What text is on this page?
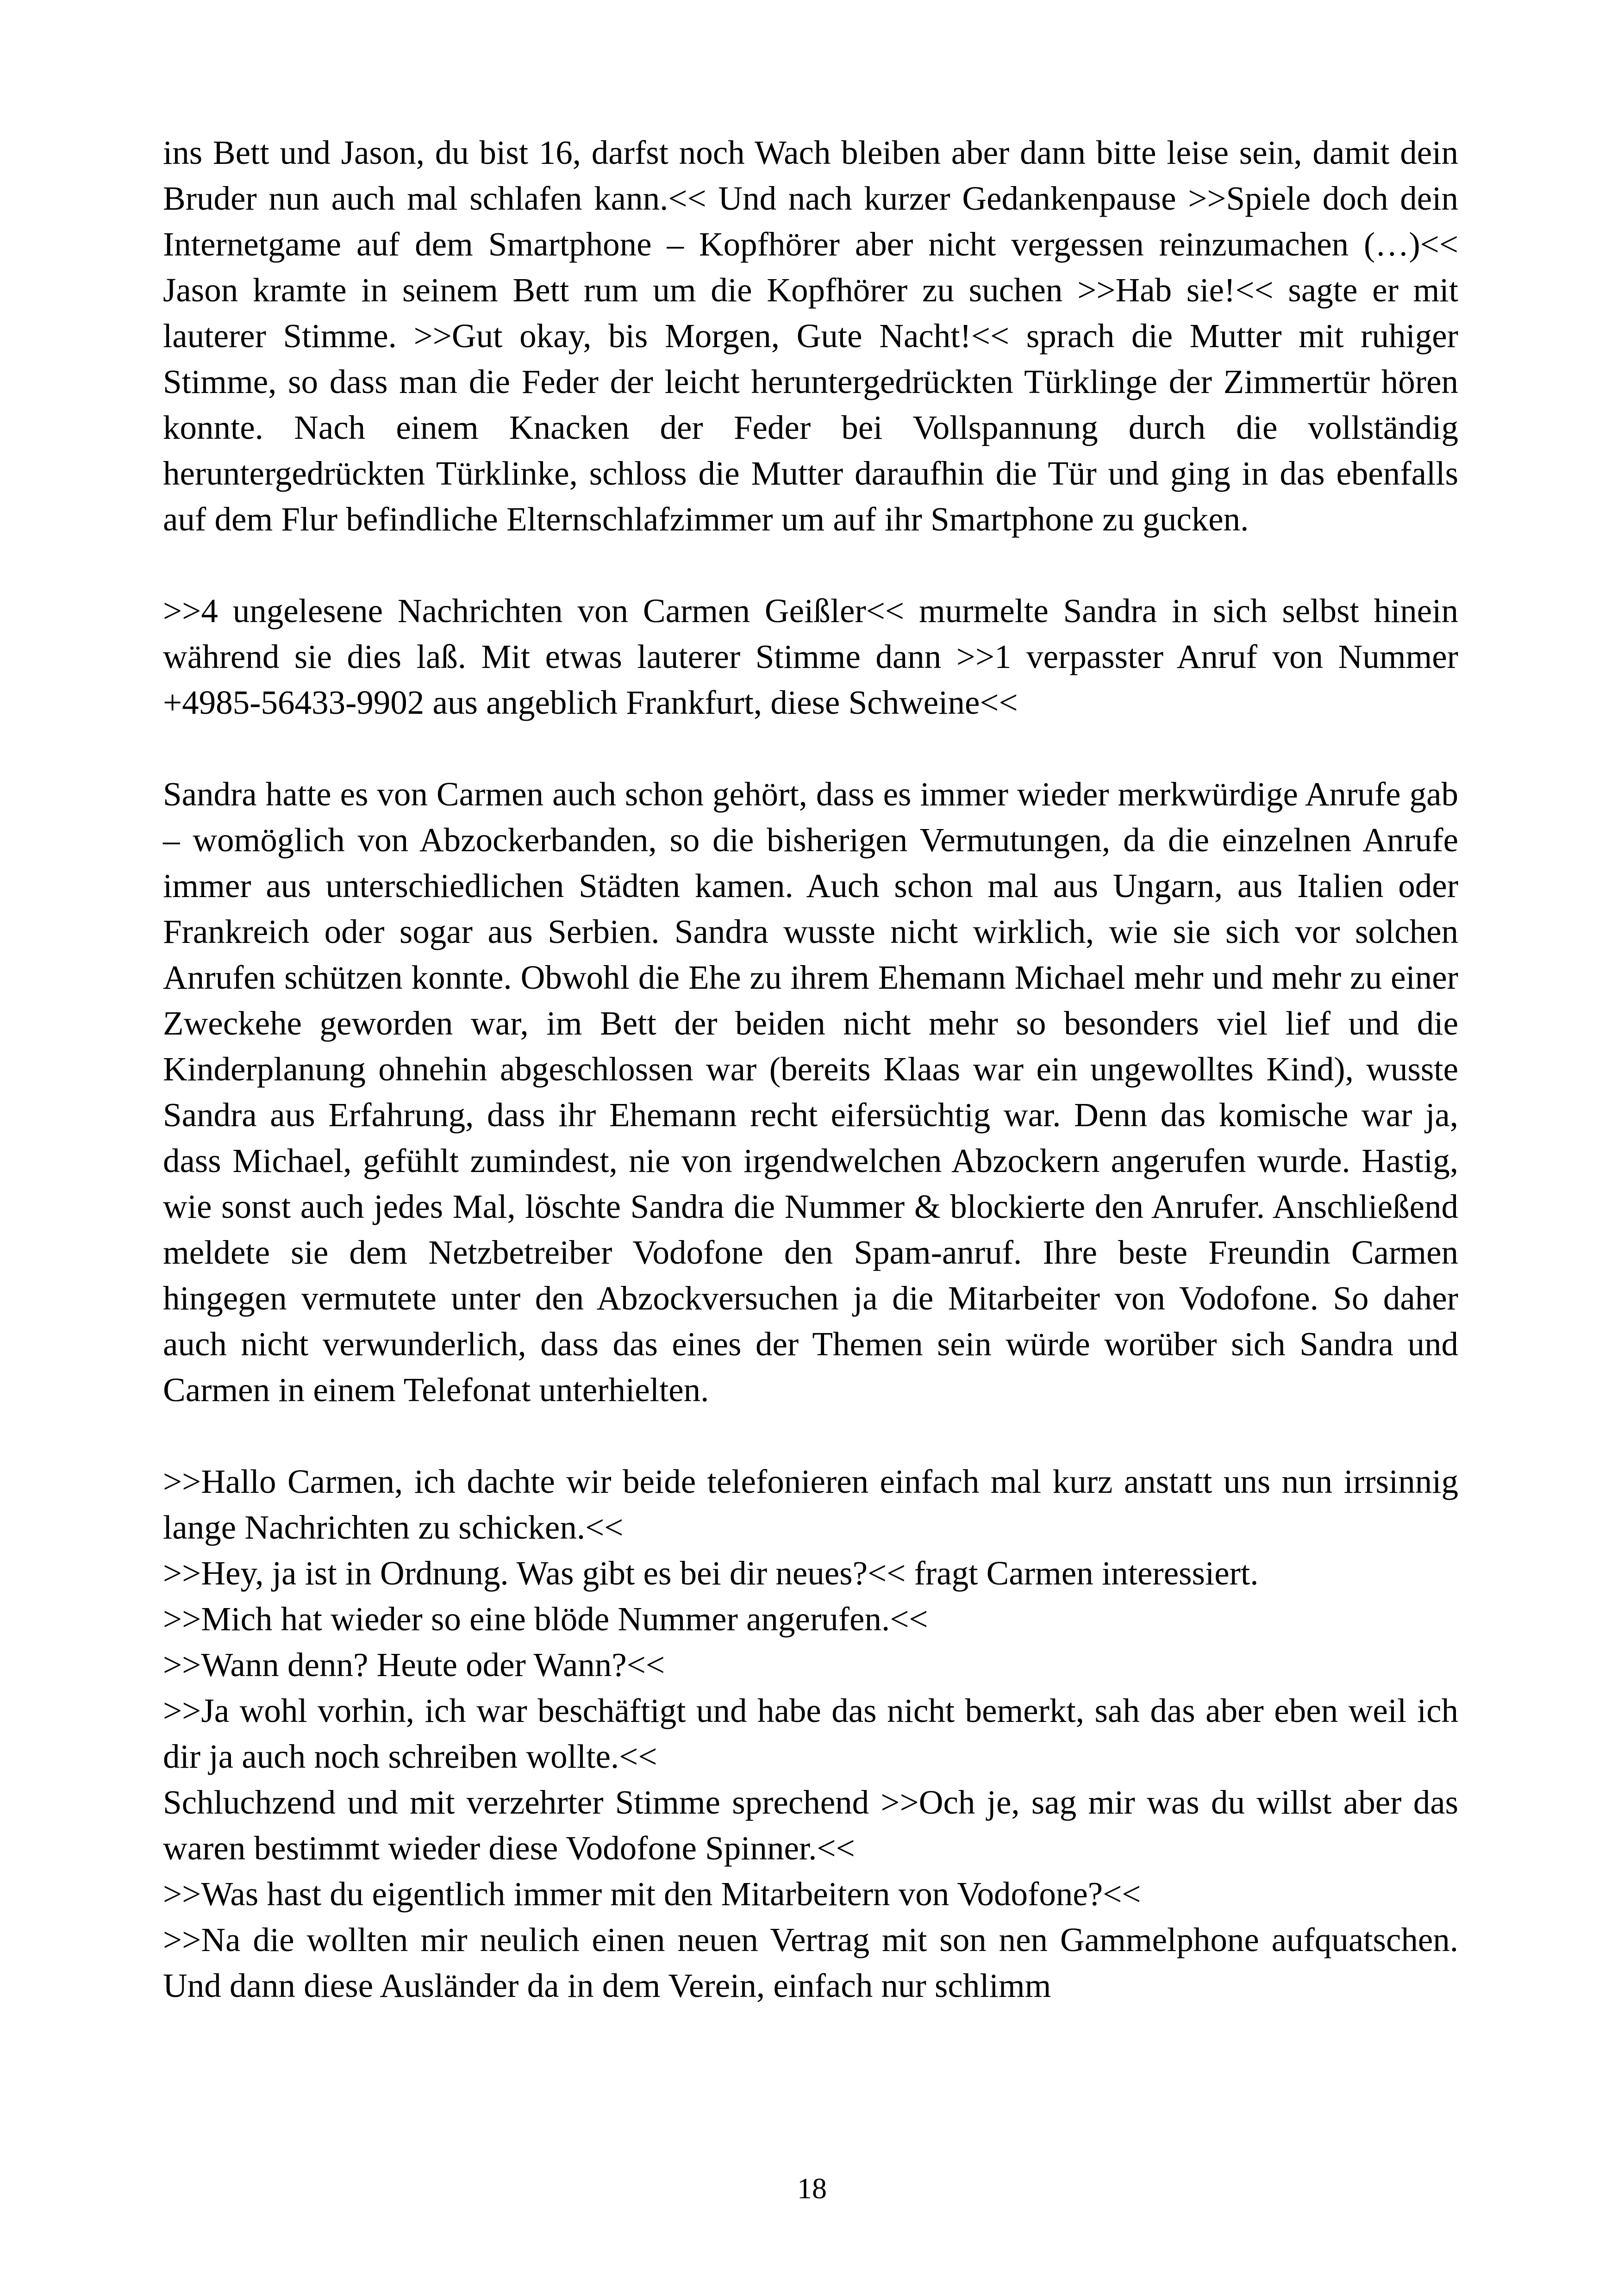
ins Bett und Jason, du bist 16, darfst noch Wach bleiben aber dann bitte leise sein, damit dein Bruder nun auch mal schlafen kann.<< Und nach kurzer Gedankenpause >>Spiele doch dein Internetgame auf dem Smartphone – Kopfhörer aber nicht vergessen reinzumachen (…)<< Jason kramte in seinem Bett rum um die Kopfhörer zu suchen >>Hab sie!<< sagte er mit lauterer Stimme. >>Gut okay, bis Morgen, Gute Nacht!<< sprach die Mutter mit ruhiger Stimme, so dass man die Feder der leicht heruntergedrückten Türklinge der Zimmertür hören konnte. Nach einem Knacken der Feder bei Vollspannung durch die vollständig heruntergedrückten Türklinke, schloss die Mutter daraufhin die Tür und ging in das ebenfalls auf dem Flur befindliche Elternschlafzimmer um auf ihr Smartphone zu gucken.

>>4 ungelesene Nachrichten von Carmen Geißler<< murmelte Sandra in sich selbst hinein während sie dies laß. Mit etwas lauterer Stimme dann >>1 verpasster Anruf von Nummer +4985-56433-9902 aus angeblich Frankfurt, diese Schweine<<

Sandra hatte es von Carmen auch schon gehört, dass es immer wieder merkwürdige Anrufe gab – womöglich von Abzockerbanden, so die bisherigen Vermutungen, da die einzelnen Anrufe immer aus unterschiedlichen Städten kamen. Auch schon mal aus Ungarn, aus Italien oder Frankreich oder sogar aus Serbien. Sandra wusste nicht wirklich, wie sie sich vor solchen Anrufen schützen konnte. Obwohl die Ehe zu ihrem Ehemann Michael mehr und mehr zu einer Zweckehe geworden war, im Bett der beiden nicht mehr so besonders viel lief und die Kinderplanung ohnehin abgeschlossen war (bereits Klaas war ein ungewolltes Kind), wusste Sandra aus Erfahrung, dass ihr Ehemann recht eifersüchtig war. Denn das komische war ja, dass Michael, gefühlt zumindest, nie von irgendwelchen Abzockern angerufen wurde. Hastig, wie sonst auch jedes Mal, löschte Sandra die Nummer & blockierte den Anrufer. Anschließend meldete sie dem Netzbetreiber Vodofone den Spam-anruf. Ihre beste Freundin Carmen hingegen vermutete unter den Abzockversuchen ja die Mitarbeiter von Vodofone. So daher auch nicht verwunderlich, dass das eines der Themen sein würde worüber sich Sandra und Carmen in einem Telefonat unterhielten.

>>Hallo Carmen, ich dachte wir beide telefonieren einfach mal kurz anstatt uns nun irrsinnig lange Nachrichten zu schicken.<<

>>Hey, ja ist in Ordnung. Was gibt es bei dir neues?<< fragt Carmen interessiert.

>>Mich hat wieder so eine blöde Nummer angerufen.<<

>>Wann denn? Heute oder Wann?<<

>>Ja wohl vorhin, ich war beschäftigt und habe das nicht bemerkt, sah das aber eben weil ich dir ja auch noch schreiben wollte.<<

Schluchzend und mit verzehrter Stimme sprechend >>Och je, sag mir was du willst aber das waren bestimmt wieder diese Vodofone Spinner.<<

>>Was hast du eigentlich immer mit den Mitarbeitern von Vodofone?<<

>>Na die wollten mir neulich einen neuen Vertrag mit son nen Gammelphone aufquatschen. Und dann diese Ausländer da in dem Verein, einfach nur schlimm

18
